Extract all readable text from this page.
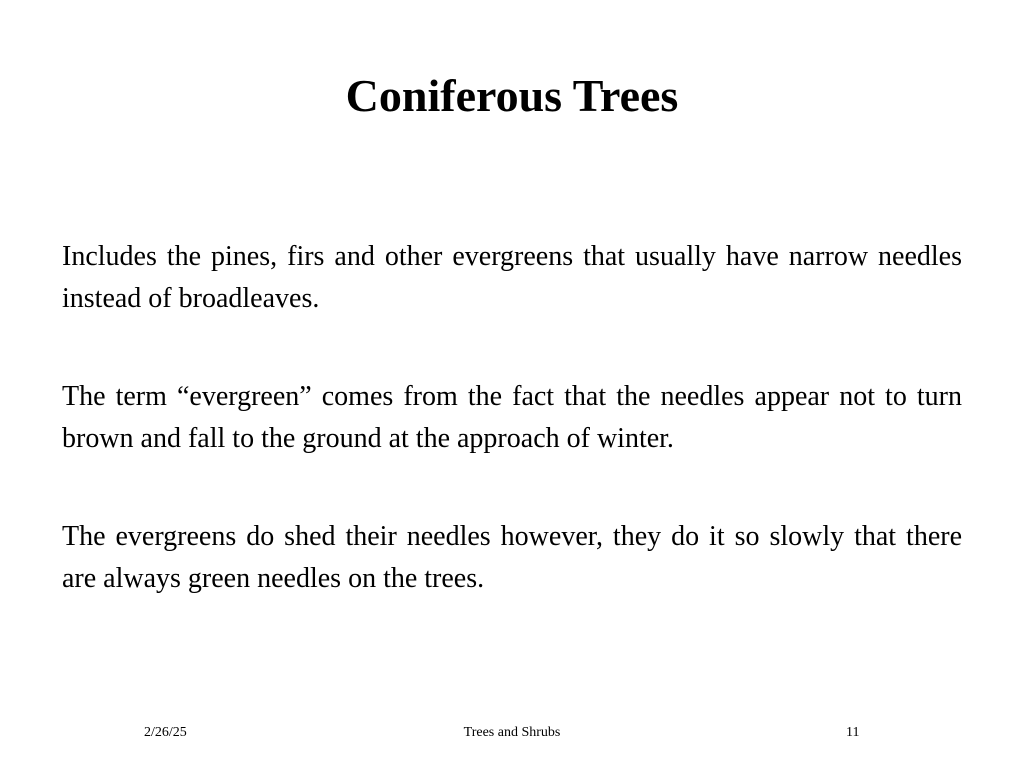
Coniferous Trees

Includes the pines, firs and other evergreens that usually have narrow needles instead of broadleaves.

The term “evergreen” comes from the fact that the needles appear not to turn brown and fall to the ground at the approach of winter.

The evergreens do shed their needles however, they do it so slowly that there are always green needles on the trees.

2/26/25	Trees and Shrubs	11
